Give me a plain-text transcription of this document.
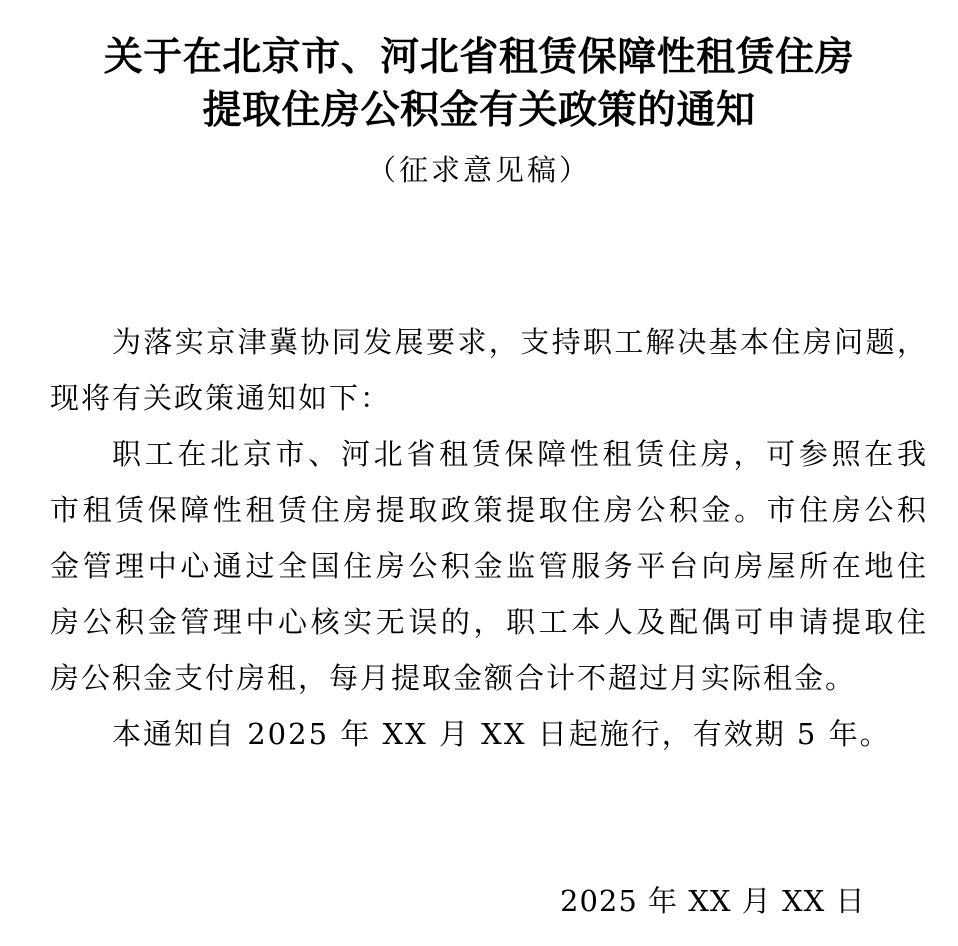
关于在北京市、河北省租赁保障性租赁住房
提取住房公积金有关政策的通知
（征求意见稿）
为落实京津冀协同发展要求，支持职工解决基本住房问题，
现将有关政策通知如下：
职工在北京市、河北省租赁保障性租赁住房，可参照在我
市租赁保障性租赁住房提取政策提取住房公积金。市住房公积
金管理中心通过全国住房公积金监管服务平台向房屋所在地住
房公积金管理中心核实无误的，职工本人及配偶可申请提取住
房公积金支付房租，每月提取金额合计不超过月实际租金。
本通知自 2025 年 XX 月 XX 日起施行，有效期 5 年。
2025 年 XX 月 XX 日
